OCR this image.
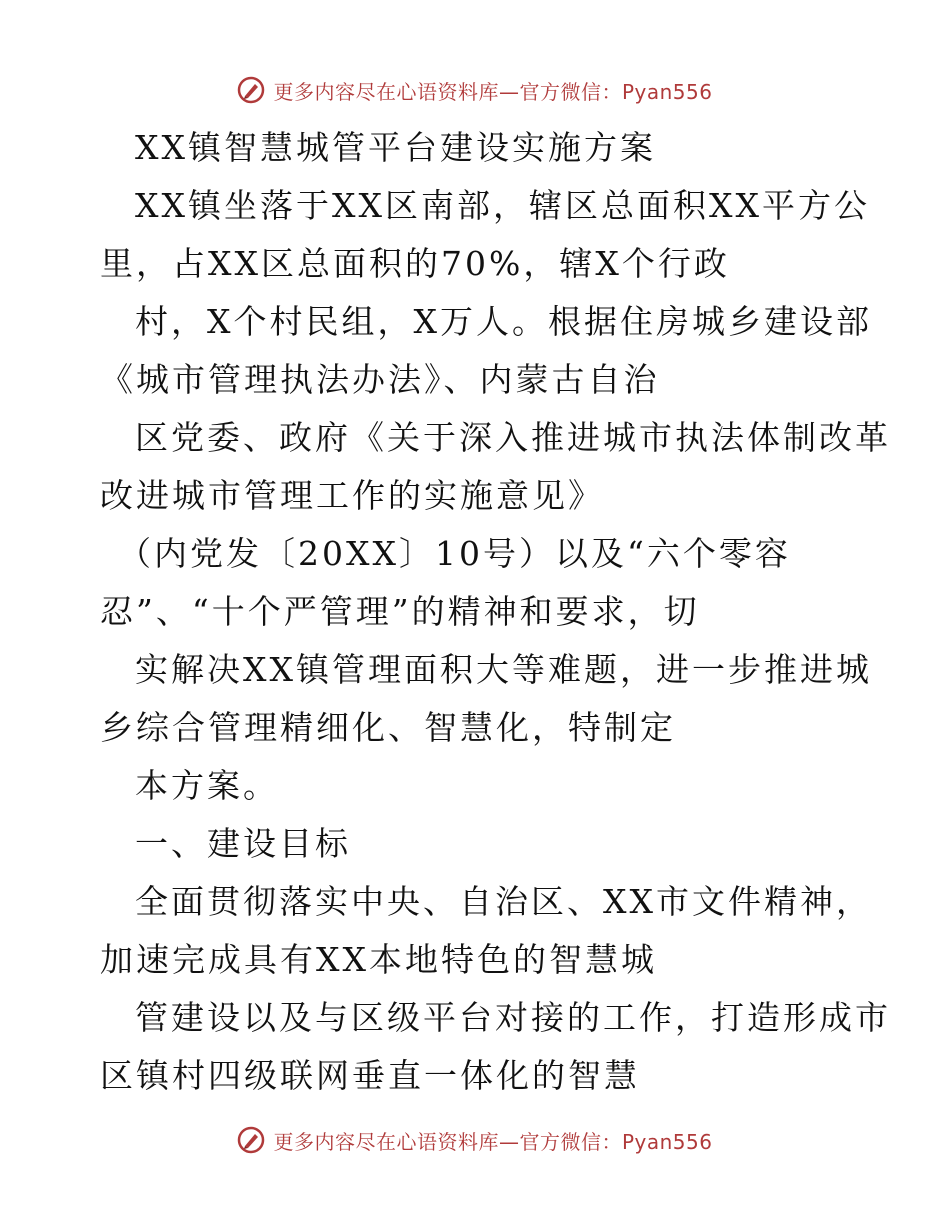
更多内容尽在心语资料库—官方微信：Pyan556
XX镇智慧城管平台建设实施方案
XX镇坐落于XX区南部，辖区总面积XX平方公
里，占XX区总面积的70%，辖X个行政
村，X个村民组，X万人。根据住房城乡建设部
《城市管理执法办法》、内蒙古自治
区党委、政府《关于深入推进城市执法体制改革
改进城市管理工作的实施意见》
（内党发〔20XX〕10号）以及“六个零容
忍”、“十个严管理”的精神和要求，切
实解决XX镇管理面积大等难题，进一步推进城
乡综合管理精细化、智慧化，特制定
本方案。
一、建设目标
全面贯彻落实中央、自治区、XX市文件精神，
加速完成具有XX本地特色的智慧城
管建设以及与区级平台对接的工作，打造形成市
区镇村四级联网垂直一体化的智慧
更多内容尽在心语资料库—官方微信：Pyan556
